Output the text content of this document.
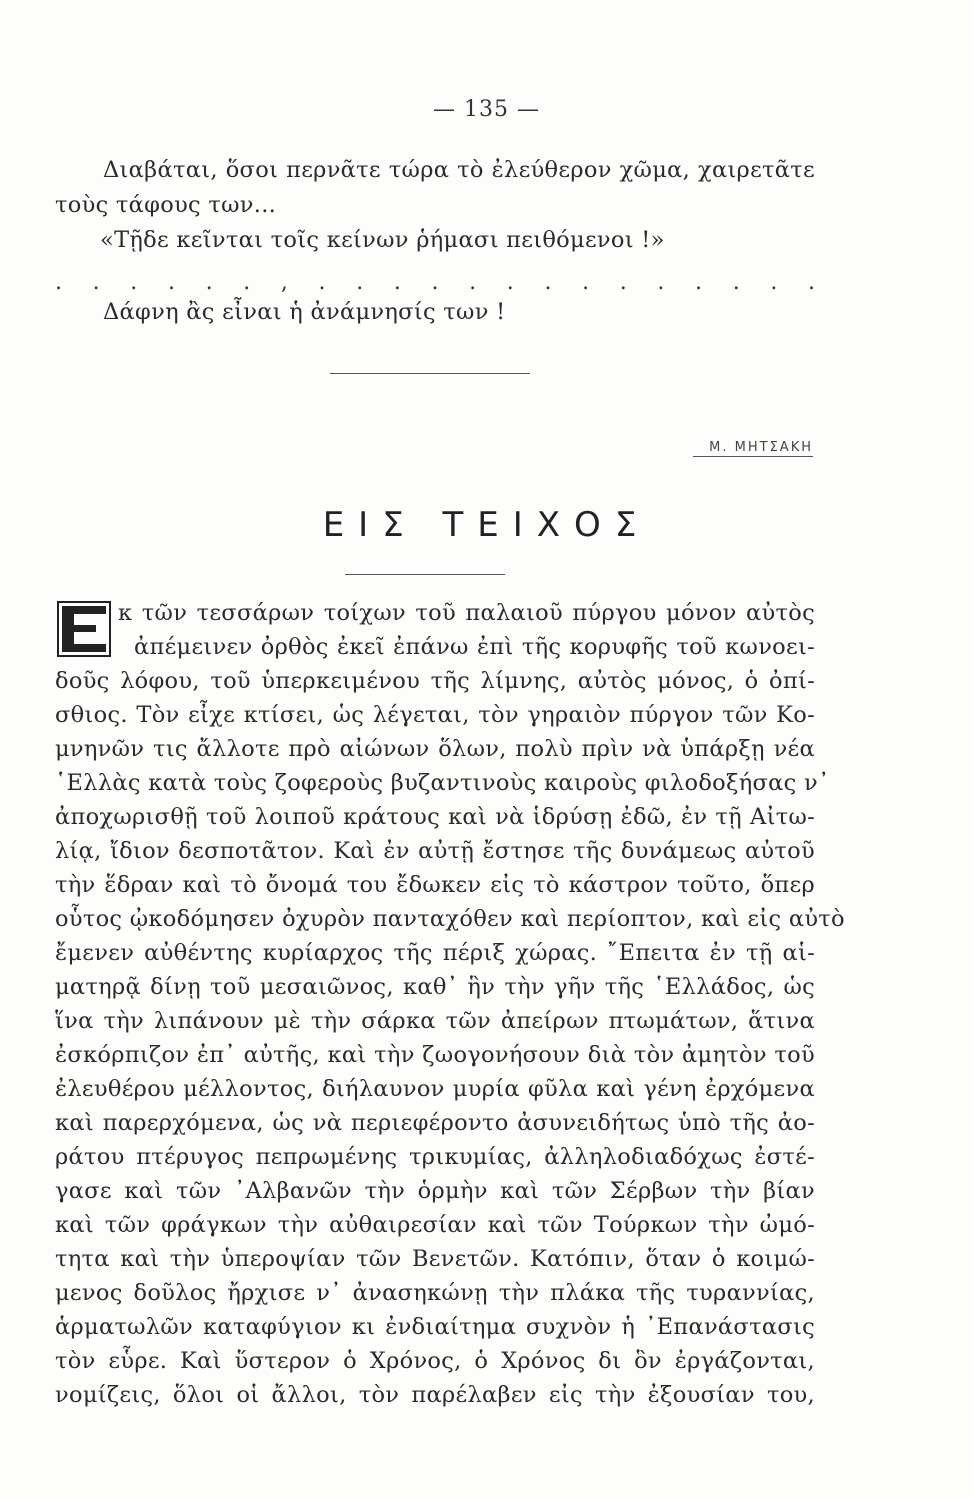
— 135 —
Διαβάται, ὅσοι περνᾶτε τώρα τὸ ἐλεύθερον χῶμα, χαιρετᾶτε
τοὺς τάφους των...
«Τῇδε κεῖνται τοῖς κείνων ῥήμασι πειθόμενοι !»
. . . . . . , . . . . . . . . . . . . . .
Δάφνη ἂς εἶναι ἡ ἀνάμνησίς των !
Μ. ΜΗΤΣΑΚΗ
ΕΙΣ ΤΕΙΧΟΣ
κ τῶν τεσσάρων τοίχων τοῦ παλαιοῦ πύργου μόνον αὐτὸς
ἀπέμεινεν ὀρθὸς ἐκεῖ ἐπάνω ἐπὶ τῆς κορυφῆς τοῦ κωνοει-
δοῦς λόφου, τοῦ ὑπερκειμένου τῆς λίμνης, αὐτὸς μόνος, ὁ ὀπί-
σθιος. Τὸν εἶχε κτίσει, ὡς λέγεται, τὸν γηραιὸν πύργον τῶν Κο-
μνηνῶν τις ἄλλοτε πρὸ αἰώνων ὅλων, πολὺ πρὶν νὰ ὑπάρξῃ νέα
῾Ελλὰς κατὰ τοὺς ζοφεροὺς βυζαντινοὺς καιροὺς φιλοδοξήσας ν᾿
ἀποχωρισθῇ τοῦ λοιποῦ κράτους καὶ νὰ ἱδρύσῃ ἐδῶ, ἐν τῇ Αἰτω-
λίᾳ, ἴδιον δεσποτᾶτον. Καὶ ἐν αὐτῇ ἔστησε τῆς δυνάμεως αὐτοῦ
τὴν ἕδραν καὶ τὸ ὄνομά του ἔδωκεν εἰς τὸ κάστρον τοῦτο, ὅπερ
οὗτος ᾠκοδόμησεν ὀχυρὸν πανταχόθεν καὶ περίοπτον, καὶ εἰς αὐτὸ
ἔμενεν αὐθέντης κυρίαρχος τῆς πέριξ χώρας. ῎Επειτα ἐν τῇ αἱ-
ματηρᾷ δίνῃ τοῦ μεσαιῶνος, καθ᾿ ἣν τὴν γῆν τῆς ῾Ελλάδος, ὡς
ἵνα τὴν λιπάνουν μὲ τὴν σάρκα τῶν ἀπείρων πτωμάτων, ἅτινα
ἐσκόρπιζον ἐπ᾿ αὐτῆς, καὶ τὴν ζωογονήσουν διὰ τὸν ἀμητὸν τοῦ
ἐλευθέρου μέλλοντος, διήλαυνον μυρία φῦλα καὶ γένη ἐρχόμενα
καὶ παρερχόμενα, ὡς νὰ περιεφέροντο ἀσυνειδήτως ὑπὸ τῆς ἀο-
ράτου πτέρυγος πεπρωμένης τρικυμίας, ἀλληλοδιαδόχως ἐστέ-
γασε καὶ τῶν ᾿Αλβανῶν τὴν ὁρμὴν καὶ τῶν Σέρβων τὴν βίαν
καὶ τῶν φράγκων τὴν αὐθαιρεσίαν καὶ τῶν Τούρκων τὴν ὠμό-
τητα καὶ τὴν ὑπεροψίαν τῶν Βενετῶν. Κατόπιν, ὅταν ὁ κοιμώ-
μενος δοῦλος ἤρχισε ν᾿ ἀνασηκώνῃ τὴν πλάκα τῆς τυραννίας,
ἁρματωλῶν καταφύγιον κι ἐνδιαίτημα συχνὸν ἡ ᾿Επανάστασις
τὸν εὗρε. Καὶ ὕστερον ὁ Χρόνος, ὁ Χρόνος δι ὃν ἐργάζονται,
νομίζεις, ὅλοι οἱ ἄλλοι, τὸν παρέλαβεν εἰς τὴν ἐξουσίαν του,
